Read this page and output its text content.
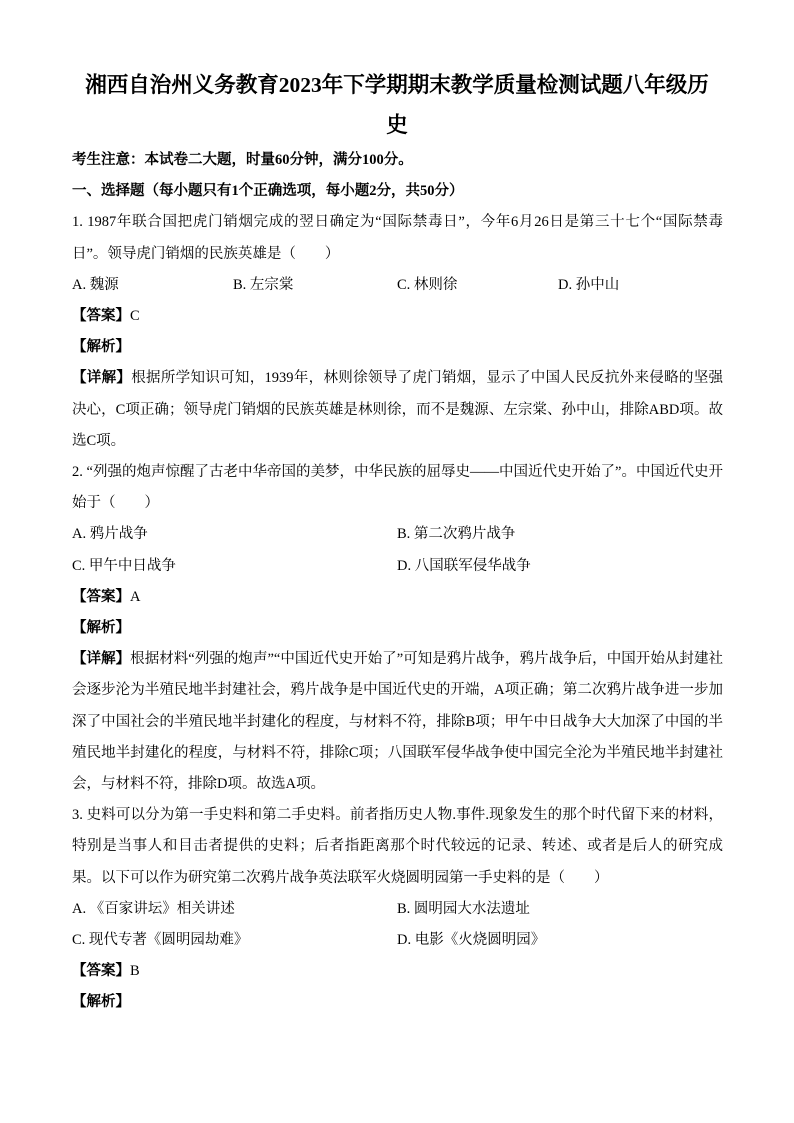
湘西自治州义务教育2023年下学期期末教学质量检测试题八年级历史

考生注意：本试卷二大题，时量60分钟，满分100分。

一、选择题（每小题只有1个正确选项，每小题2分，共50分）

1. 1987年联合国把虎门销烟完成的翌日确定为“国际禁毒日”，今年6月26日是第三十七个“国际禁毒日”。领导虎门销烟的民族英雄是（　　）

A. 魏源	B. 左宗棠	C. 林则徐	D. 孙中山

【答案】C

【解析】

【详解】根据所学知识可知，1939年，林则徐领导了虎门销烟，显示了中国人民反抗外来侵略的坚强决心，C项正确；领导虎门销烟的民族英雄是林则徐，而不是魏源、左宗棠、孙中山，排除ABD项。故选C项。

2. “列强的炮声惊醒了古老中华帝国的美梦，中华民族的屈辱史——中国近代史开始了”。中国近代史开始于（　　）

A. 鸦片战争	B. 第二次鸦片战争
C. 甲午中日战争	D. 八国联军侵华战争

【答案】A

【解析】

【详解】根据材料“列强的炮声”“中国近代史开始了”可知是鸦片战争，鸦片战争后，中国开始从封建社会逐步沦为半殖民地半封建社会，鸦片战争是中国近代史的开端，A项正确；第二次鸦片战争进一步加深了中国社会的半殖民地半封建化的程度，与材料不符，排除B项；甲午中日战争大大加深了中国的半殖民地半封建化的程度，与材料不符，排除C项；八国联军侵华战争使中国完全沦为半殖民地半封建社会，与材料不符，排除D项。故选A项。

3. 史料可以分为第一手史料和第二手史料。前者指历史人物.事件.现象发生的那个时代留下来的材料，特别是当事人和目击者提供的史料；后者指距离那个时代较远的记录、转述、或者是后人的研究成果。以下可以作为研究第二次鸦片战争英法联军火烧圆明园第一手史料的是（　　）

A. 《百家讲坛》相关讲述	B. 圆明园大水法遗址
C. 现代专著《圆明园劫难》	D. 电影《火烧圆明园》

【答案】B

【解析】
